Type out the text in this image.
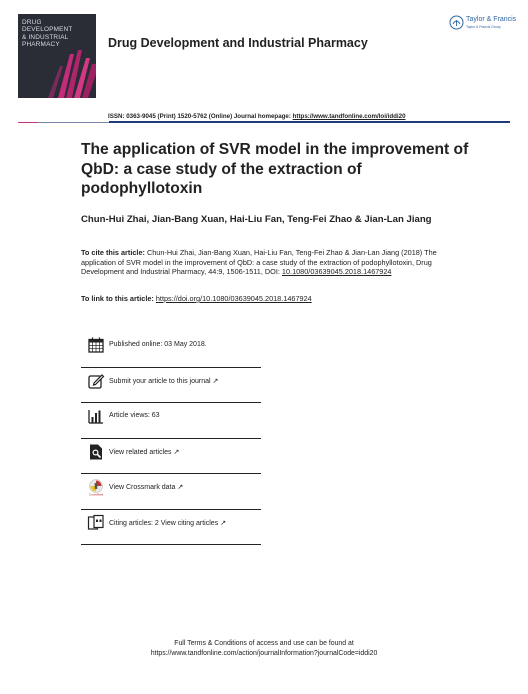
DRUG DEVELOPMENT
& INDUSTRIAL
PHARMACY	Drug Development and Industrial Pharmacy
Taylor & Francis
Taylor & Francis Group
ISSN: 0363-9045 (Print) 1520-5762 (Online) Journal homepage: https://www.tandfonline.com/loi/iddi20
The application of SVR model in the improvement of QbD: a case study of the extraction of podophyllotoxin
Chun-Hui Zhai, Jian-Bang Xuan, Hai-Liu Fan, Teng-Fei Zhao & Jian-Lan Jiang
To cite this article: Chun-Hui Zhai, Jian-Bang Xuan, Hai-Liu Fan, Teng-Fei Zhao & Jian-Lan Jiang (2018) The application of SVR model in the improvement of QbD: a case study of the extraction of podophyllotoxin, Drug Development and Industrial Pharmacy, 44:9, 1506-1511, DOI: 10.1080/03639045.2018.1467924
To link to this article: https://doi.org/10.1080/03639045.2018.1467924
Published online: 03 May 2018.
Submit your article to this journal ↗
Article views: 63
View related articles ↗
CrossMark
View Crossmark data ↗
Citing articles: 2 View citing articles ↗
Full Terms & Conditions of access and use can be found at
https://www.tandfonline.com/action/journalInformation?journalCode=iddi20
